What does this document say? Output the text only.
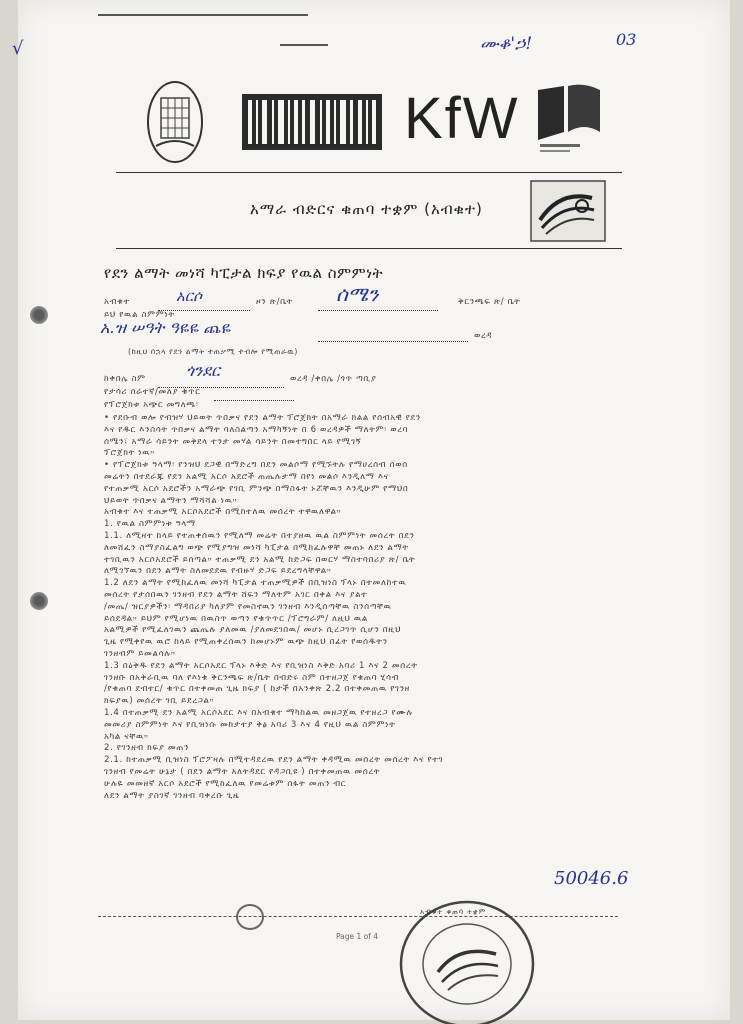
√	ሙቆ'ኃ!	03
KfW
አማራ ብድርና ቁጠባ ተቋም (አብቁተ)
የደን ልማት መነሻ ካፒታል ክፍያ የዉል ስምምነት
አብቁተ	አርሶ	ዞን ጽ/ቤት ሰሜን	ቅርንጫፍ ጽ/ ቤት
ይህ የዉል ስምምነት
አ.ዝ ሠዓት ዓዬዬ ጨዬ	ወረዳ
(ከዚህ በኋላ የደን ልማት ተጠቃሚ ተብሎ የሚጠራዉ)
ከቀበሌ ስም	ጎንደር	ወረዳ /ቀበሌ /ጎጥ ጣቢያ
የታሳሪ ሰራተኛ/መለያ ቁጥር
የፕሮጀክቱ አጭር መግለጫ፡
• የደቡብ ወሎ የብዝሃ ህይወት ጥበቃና የደን ልማት ፕሮጀክት በአማራ ክልል የሰብአዊ የደን
እና የዱር እንስሳት ጥበቃና ልማት ባለስልጣን አማካኝነት በ 6 ወረዳዎች ማለትም፡ ወረባ
ሰሜን፣ አማራ ሳይንት መቅደላ ተንታ መሃል ሳይንት በመተግበር ላይ የሚገኝ
ፕሮጀክት ነዉ።
• የፕሮጀክቱ ዓላማ፡ የንዝህ ደጋዊ በማድረግ በደን መልሶማ የሚኙትሉ የማሀረሰብ ሰወሰ
መሬትን በተደራጁ የደን አልሚ አርሶ አደሮች ጠጤሉታማ በየነ መልሶ እንዲለማ እና
የተጠቃሚ አርሶ አደሮችን አማራጭ የገቢ ምንጭ በማስፋት ኑሯቸዉን እንዲሁም የማህበ
ህይወት ጥበቃና ልማትን ማሻሻል ነዉ።
አብቁተ እና ተጠቃሚ አርሶአደሮች በሚከተለዉ መሰረት ተዋዉለዋል።
1. የዉል ስምምነቱ ዓላማ
1.1. ለሚዛተ ከላይ የተጠቀሰዉን የሚለማ መሬት በተያዘዉ ዉል ስምምነት መሰረት በደን
ለመሸፈን ስማያስፈልግ ወጭ የሚያግዝ መነሻ ካፒታል በሚከፈሉዋቸ መጠኑ ለደን ልማት
ተገቢዉን አርሶአደሮች ይሰጣል። ተጠቃሚ ደን አልሚ ከድጋፍ በወርሃ ማስተባበሪያ ጽ/ ቤት
ለሚገኘዉን በደን ልማት ስለመደደዉ የብዙሃ ድጋፍ ይደረግላቸዋል።
1.2 ለደን ልማት የሚከፈለዉ መነሻ ካፒታል ተጠቃሚዎች በቢዝነስ ፕላኑ በተመለከተዉ
መሰረት የታሰበዉን ገንዘብ የደን ልማት ሸፍን ማለትም አገር በቀል እና ያልተ
/መጤ/ ዝርያዎችን፡ ማዳበሪያ ካለያም የመስኖዉን ገንዘብ እንዲሰጣቸዉ ስንሰጣቸዉ
ይሰደዳል። ይህም የሚሆነዉ በዉስጥ ወጣን የቁጥጥር /ፕሮግራም/ ለዚህ ዉል
አልሚዎች የሚፈለገዉን ጨጤሉ ያለመዉ /ያለመደገበዉ/ መሆኑ ሲረጋገጥ ሲሆን በዚህ
ጊዜ የሚቀየዉ ዉሮ ከላይ የሚጠቀረሰዉን ከመሆኑም ዉጭ ከዚህ በፊት የወሰዱትን
ገንዘብም ይመልሳሉ።
1.3 በዕቅዱ የደን ልማት አርሶአደር ፕላኑ እቅድ እና የቢዝነስ እቅድ አባሪ 1 እና 2 መሰረት
ገንዘቡ በአቅራቢዉ ባለ የእነቁ ቅርንጫፍ ጽ/ቤት በብድሩ ስም በተዘጋጀ የቁጠባ ሂሳብ
/የቁጠባ ደብተር/ ቁጥር በተቀመጠ ጊዜ ክፍያ ( ከታች በአንቀጽ 2.2 በተቀመጠዉ የገንዘ
ክፍያዉ) መሰረት ገቢ ይደረጋል።
1.4 በተጠቃሚ ደን አልሚ አርሶአደር እና በአብቁተ ማካከልዉ መዘጋጀዉ የተዘረጋ የሙሉ
መመሪያ ስምምነት እና የቢዝነሱ መከታተያ ቅፅ አባሪ 3 እና 4 የዚህ ዉል ስምምነት
አካል ናቸዉ።
2. የገንዘብ ክፍያ መጠን
2.1. ከተጠቃሚ ቢዝነስ ፕሮፖዛሉ በሚተዳደረዉ የደን ልማት ቀዳሚዉ መሰረት መሰረት እና የተገ
ገንዘብ የመሬት ሁኔታ ( በደን ልማት አለትዳደር የዳጋቢዩ ) በተቀመጠዉ መሰረት
ሁሉዬ መመዘኛ አርሶ አደሮች የሚከፈለዉ የመሬቱም ሰፋት መጠን ብር
ለደን ልማት ያስገኛ ገንዘብ ባቀረቡ ጊዜ
50046.6
Page 1 of 4
አብቁተ ቁጠባ ተቋም
